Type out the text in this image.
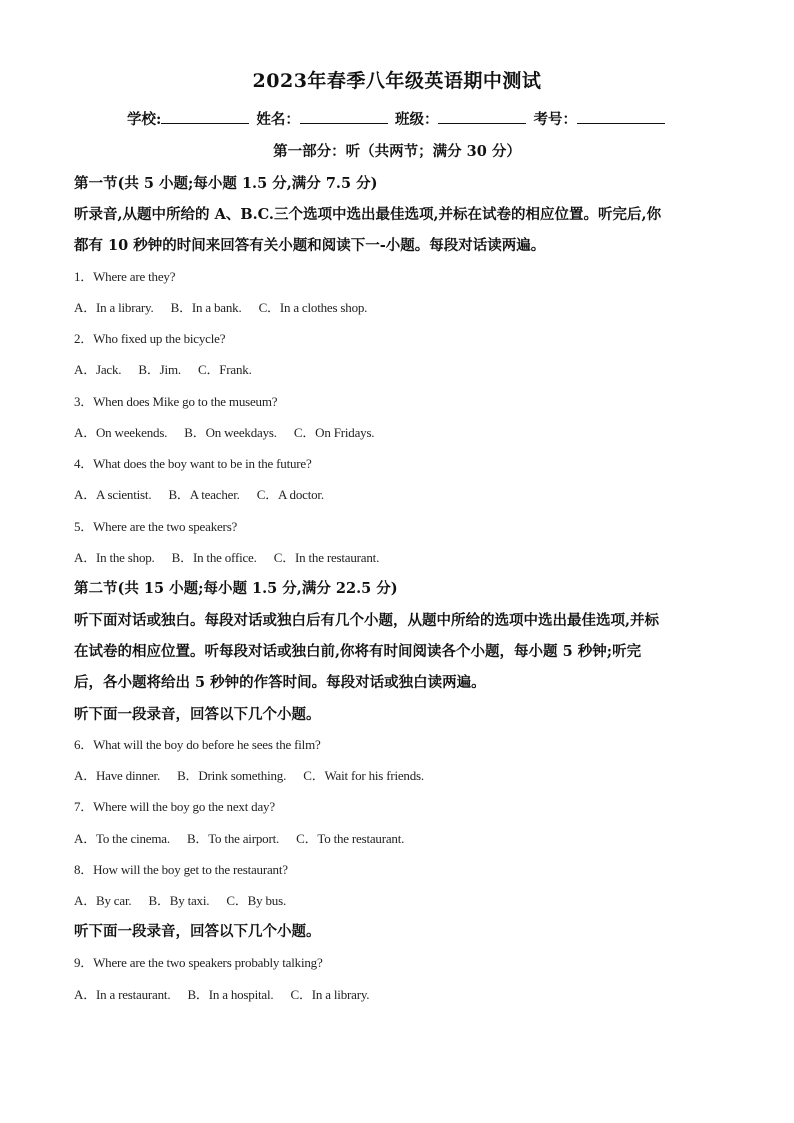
2023年春季八年级英语期中测试
学校:	姓名：	班级：	考号：
第一部分：听（共两节；满分 30 分）
第一节(共 5 小题;每小题 1.5 分,满分 7.5 分)
听录音,从题中所给的 A、B.C.三个选项中选出最佳选项,并标在试卷的相应位置。听完后,你
都有 10 秒钟的时间来回答有关小题和阅读下一-小题。每段对话读两遍。
1．Where are they?
A．In a library. B．In a bank. C．In a clothes shop.
2．Who fixed up the bicycle?
A．Jack. B．Jim. C．Frank.
3．When does Mike go to the museum?
A．On weekends. B．On weekdays. C．On Fridays.
4．What does the boy want to be in the future?
A．A scientist. B．A teacher. C．A doctor.
5．Where are the two speakers?
A．In the shop. B．In the office. C．In the restaurant.
第二节(共 15 小题;每小题 1.5 分,满分 22.5 分)
听下面对话或独白。每段对话或独白后有几个小题，从题中所给的选项中选出最佳选项,并标
在试卷的相应位置。听每段对话或独白前,你将有时间阅读各个小题，每小题 5 秒钟;听完
后，各小题将给出 5 秒钟的作答时间。每段对话或独白读两遍。
听下面一段录音，回答以下几个小题。
6．What will the boy do before he sees the film?
A．Have dinner. B．Drink something. C．Wait for his friends.
7．Where will the boy go the next day?
A．To the cinema. B．To the airport. C．To the restaurant.
8．How will the boy get to the restaurant?
A．By car. B．By taxi. C．By bus.
听下面一段录音，回答以下几个小题。
9．Where are the two speakers probably talking?
A．In a restaurant. B．In a hospital. C．In a library.
